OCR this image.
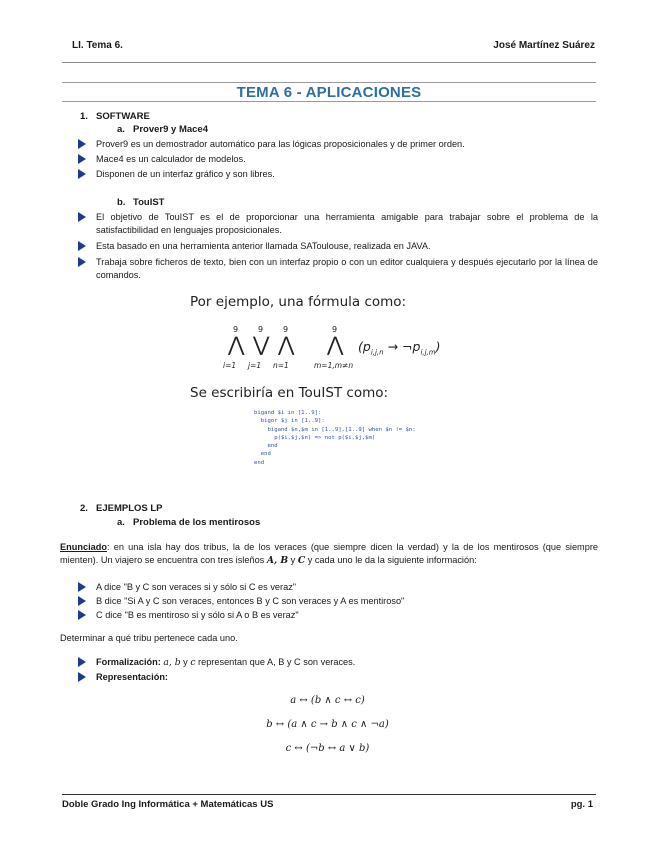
LI. Tema 6.	José Martínez Suárez
TEMA 6 - APLICACIONES
1. SOFTWARE
a. Prover9 y Mace4
Prover9 es un demostrador automático para las lógicas proposicionales y de primer orden.
Mace4 es un calculador de modelos.
Disponen de un interfaz gráfico y son libres.
b. TouIST
El objetivo de TouIST es el de proporcionar una herramienta amigable para trabajar sobre el problema de la satisfactibilidad en lenguajes proposicionales.
Esta basado en una herramienta anterior llamada SAToulouse, realizada en JAVA.
Trabaja sobre ficheros de texto, bien con un interfaz propio o con un editor cualquiera y después ejecutarlo por la línea de comandos.
Por ejemplo, una fórmula como:
9 9 9	9
⋀ ⋁ ⋀ ⋀
i=1 j=1 n=1	m=1,m≠n
($p_{i,j,n}$ → $\neg p_{i,j,m}$)
Se escribiría en TouIST como:
bigand $i in [1..9]:
bigor $j in [1..9]:
bigand $n,$m in [1..9],[1..9] when $n != $n:
p($i,$j,$n) => not p($i,$j,$m)
end
end
end
2. EJEMPLOS LP
a. Problema de los mentirosos
Enunciado: en una isla hay dos tribus, la de los veraces (que siempre dicen la verdad) y la de los mentirosos (que siempre mienten). Un viajero se encuentra con tres isleños A, B y C y cada uno le da la siguiente información:
A dice "B y C son veraces si y sólo si C es veraz"
B dice "Si A y C son veraces, entonces B y C son veraces y A es mentiroso"
C dice "B es mentiroso si y sólo si A o B es veraz"
Determinar a qué tribu pertenece cada uno.
Formalización: a, b y c representan que A, B y C son veraces.
Representación:
a ↔ (b ∧ c ↔ c)
b ↔ (a ∧ c → b ∧ c ∧ ¬a)
c ↔ (¬b ↔ a ∨ b)
Doble Grado Ing Informática + Matemáticas US	pg. 1
